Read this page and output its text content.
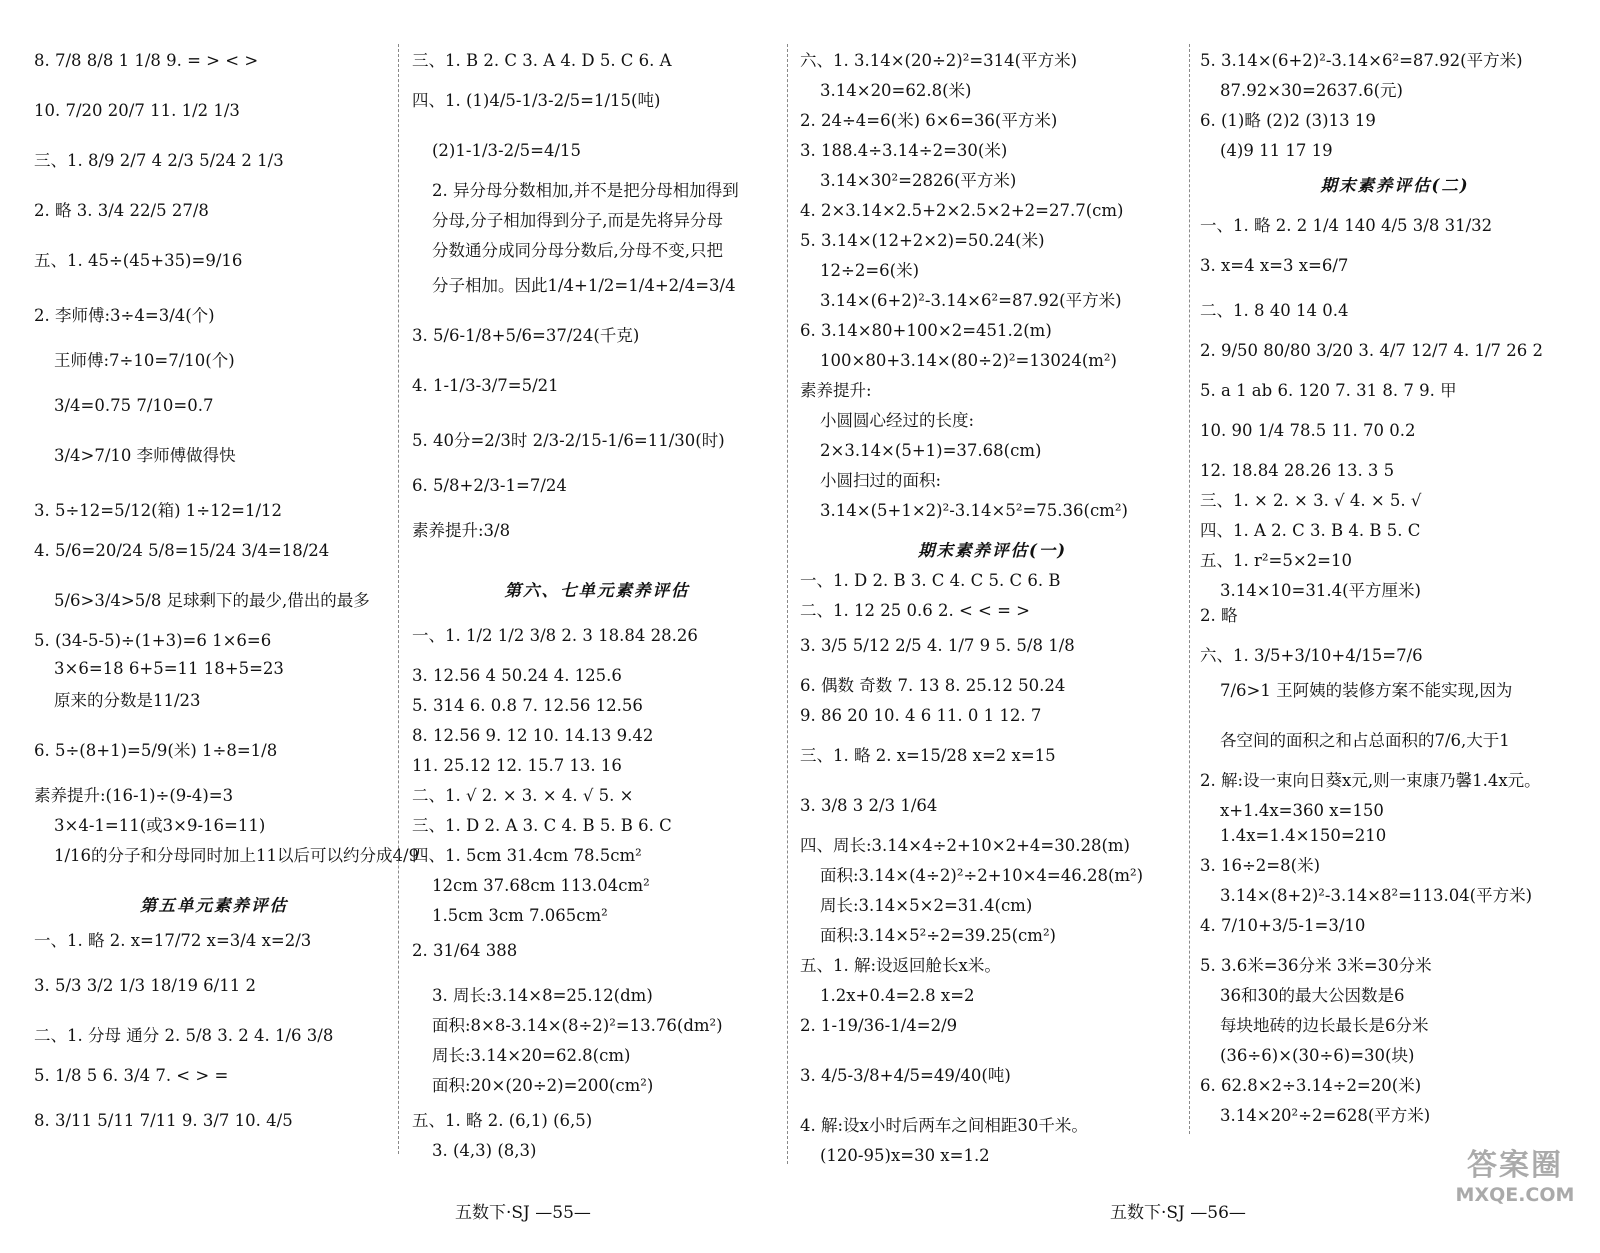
8. 7/8 8/8 1 1/8 9. = > < >
10. 7/20 20/7 11. 1/2 1/3
三、1. 8/9 2/7 4 2/3 5/24 2 1/3
2. 略 3. 3/4 22/5 27/8
五、1. 45÷(45+35)=9/16
2. 李师傅:3÷4=3/4(个)
王师傅:7÷10=7/10(个)
3/4=0.75 7/10=0.7
3/4>7/10 李师傅做得快
3. 5÷12=5/12(箱) 1÷12=1/12
4. 5/6=20/24 5/8=15/24 3/4=18/24
5/6>3/4>5/8 足球剩下的最少,借出的最多
5. (34-5-5)÷(1+3)=6 1×6=6
3×6=18 6+5=11 18+5=23
原来的分数是11/23
6. 5÷(8+1)=5/9(米) 1÷8=1/8
素养提升:(16-1)÷(9-4)=3
3×4-1=11(或3×9-16=11)
1/16的分子和分母同时加上11以后可以约分成4/9
第五单元素养评估
一、1. 略 2. x=17/72 x=3/4 x=2/3
3. 5/3 3/2 1/3 18/19 6/11 2
二、1. 分母 通分 2. 5/8 3. 2 4. 1/6 3/8
5. 1/8 5 6. 3/4 7. < > =
8. 3/11 5/11 7/11 9. 3/7 10. 4/5
三、1. B 2. C 3. A 4. D 5. C 6. A
四、1. (1)4/5-1/3-2/5=1/15(吨)
(2)1-1/3-2/5=4/15
2. 异分母分数相加,并不是把分母相加得到
分母,分子相加得到分子,而是先将异分母
分数通分成同分母分数后,分母不变,只把
分子相加。因此1/4+1/2=1/4+2/4=3/4
3. 5/6-1/8+5/6=37/24(千克)
4. 1-1/3-3/7=5/21
5. 40分=2/3时 2/3-2/15-1/6=11/30(时)
6. 5/8+2/3-1=7/24
素养提升:3/8
第六、七单元素养评估
一、1. 1/2 1/2 3/8 2. 3 18.84 28.26
3. 12.56 4 50.24 4. 125.6
5. 314 6. 0.8 7. 12.56 12.56
8. 12.56 9. 12 10. 14.13 9.42
11. 25.12 12. 15.7 13. 16
二、1. √ 2. × 3. × 4. √ 5. ×
三、1. D 2. A 3. C 4. B 5. B 6. C
四、1. 5cm 31.4cm 78.5cm²
12cm 37.68cm 113.04cm²
1.5cm 3cm 7.065cm²
2. 31/64 388
3. 周长:3.14×8=25.12(dm)
面积:8×8-3.14×(8÷2)²=13.76(dm²)
周长:3.14×20=62.8(cm)
面积:20×(20÷2)=200(cm²)
五、1. 略 2. (6,1) (6,5)
3. (4,3) (8,3)
六、1. 3.14×(20÷2)²=314(平方米)
3.14×20=62.8(米)
2. 24÷4=6(米) 6×6=36(平方米)
3. 188.4÷3.14÷2=30(米)
3.14×30²=2826(平方米)
4. 2×3.14×2.5+2×2.5×2+2=27.7(cm)
5. 3.14×(12+2×2)=50.24(米)
12÷2=6(米)
3.14×(6+2)²-3.14×6²=87.92(平方米)
6. 3.14×80+100×2=451.2(m)
100×80+3.14×(80÷2)²=13024(m²)
素养提升:
小圆圆心经过的长度:
2×3.14×(5+1)=37.68(cm)
小圆扫过的面积:
3.14×(5+1×2)²-3.14×5²=75.36(cm²)
期末素养评估(一)
一、1. D 2. B 3. C 4. C 5. C 6. B
二、1. 12 25 0.6 2. < < = >
3. 3/5 5/12 2/5 4. 1/7 9 5. 5/8 1/8
6. 偶数 奇数 7. 13 8. 25.12 50.24
9. 86 20 10. 4 6 11. 0 1 12. 7
三、1. 略 2. x=15/28 x=2 x=15
3. 3/8 3 2/3 1/64
四、周长:3.14×4÷2+10×2+4=30.28(m)
面积:3.14×(4÷2)²÷2+10×4=46.28(m²)
周长:3.14×5×2=31.4(cm)
面积:3.14×5²÷2=39.25(cm²)
五、1. 解:设返回舱长x米。
1.2x+0.4=2.8 x=2
2. 1-19/36-1/4=2/9
3. 4/5-3/8+4/5=49/40(吨)
4. 解:设x小时后两车之间相距30千米。
(120-95)x=30 x=1.2
5. 3.14×(6+2)²-3.14×6²=87.92(平方米)
87.92×30=2637.6(元)
6. (1)略 (2)2 (3)13 19
(4)9 11 17 19
期末素养评估(二)
一、1. 略 2. 2 1/4 140 4/5 3/8 31/32
3. x=4 x=3 x=6/7
二、1. 8 40 14 0.4
2. 9/50 80/80 3/20 3. 4/7 12/7 4. 1/7 26 2
5. a 1 ab 6. 120 7. 31 8. 7 9. 甲
10. 90 1/4 78.5 11. 70 0.2
12. 18.84 28.26 13. 3 5
三、1. × 2. × 3. √ 4. × 5. √
四、1. A 2. C 3. B 4. B 5. C
五、1. r²=5×2=10
3.14×10=31.4(平方厘米)
2. 略
六、1. 3/5+3/10+4/15=7/6
7/6>1 王阿姨的装修方案不能实现,因为
各空间的面积之和占总面积的7/6,大于1
2. 解:设一束向日葵x元,则一束康乃馨1.4x元。
x+1.4x=360 x=150
1.4x=1.4×150=210
3. 16÷2=8(米)
3.14×(8+2)²-3.14×8²=113.04(平方米)
4. 7/10+3/5-1=3/10
5. 3.6米=36分米 3米=30分米
36和30的最大公因数是6
每块地砖的边长最长是6分米
(36÷6)×(30÷6)=30(块)
6. 62.8×2÷3.14÷2=20(米)
3.14×20²÷2=628(平方米)
五数下·SJ —55—	五数下·SJ —56—
答案圈
MXQE.COM
